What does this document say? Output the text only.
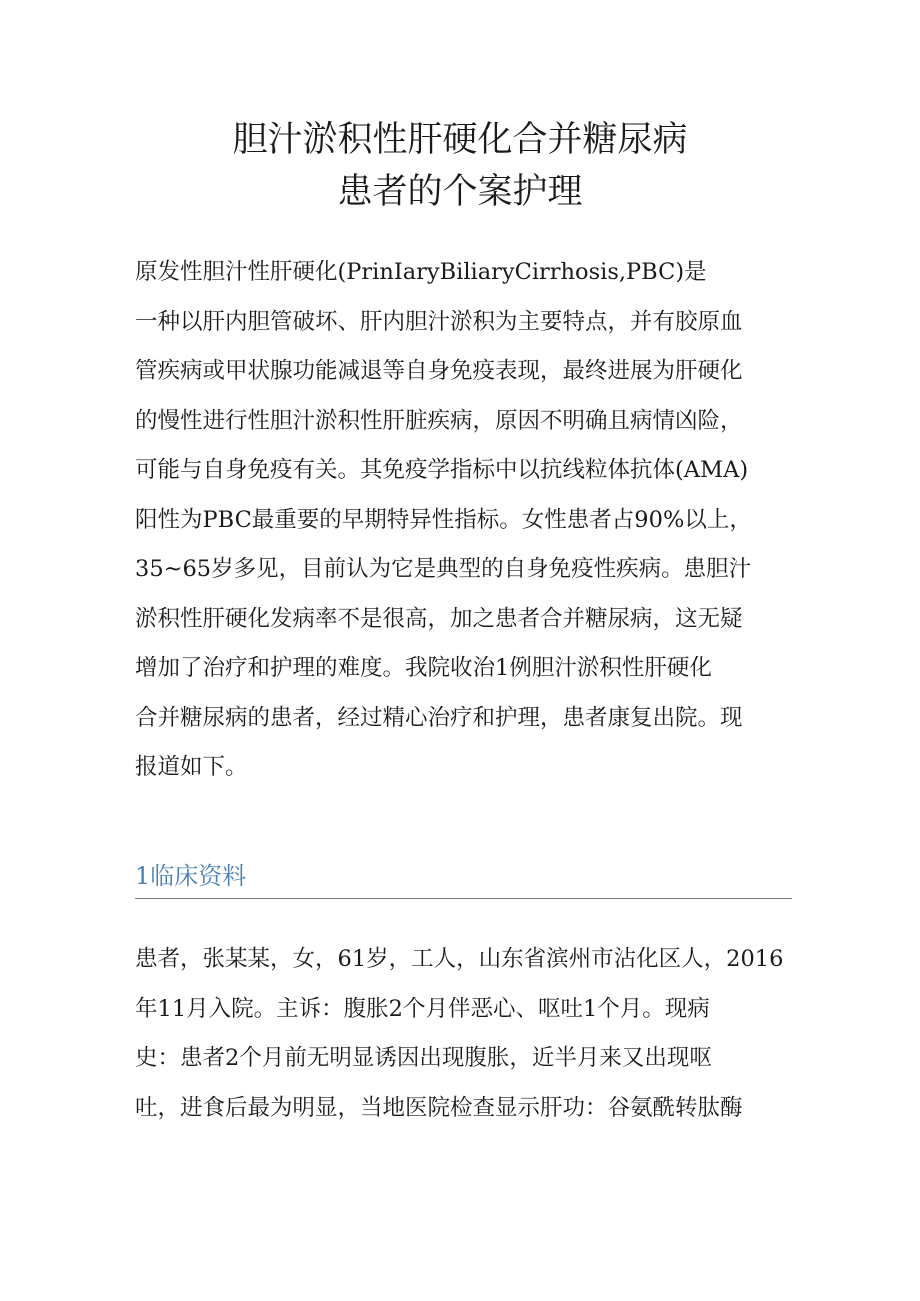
胆汁淤积性肝硬化合并糖尿病
患者的个案护理
原发性胆汁性肝硬化(PrinIaryBiliaryCirrhosis,PBC)是
一种以肝内胆管破坏、肝内胆汁淤积为主要特点，并有胶原血
管疾病或甲状腺功能减退等自身免疫表现，最终进展为肝硬化
的慢性进行性胆汁淤积性肝脏疾病，原因不明确且病情凶险，
可能与自身免疫有关。其免疫学指标中以抗线粒体抗体(AMA)
阳性为PBC最重要的早期特异性指标。女性患者占90%以上，
35~65岁多见，目前认为它是典型的自身免疫性疾病。患胆汁
淤积性肝硬化发病率不是很高，加之患者合并糖尿病，这无疑
增加了治疗和护理的难度。我院收治1例胆汁淤积性肝硬化
合并糖尿病的患者，经过精心治疗和护理，患者康复出院。现
报道如下。
1临床资料
患者，张某某，女，61岁，工人，山东省滨州市沾化区人，2016
年11月入院。主诉：腹胀2个月伴恶心、呕吐1个月。现病
史：患者2个月前无明显诱因出现腹胀，近半月来又出现呕
吐，进食后最为明显，当地医院检查显示肝功：谷氨酰转肽酶
